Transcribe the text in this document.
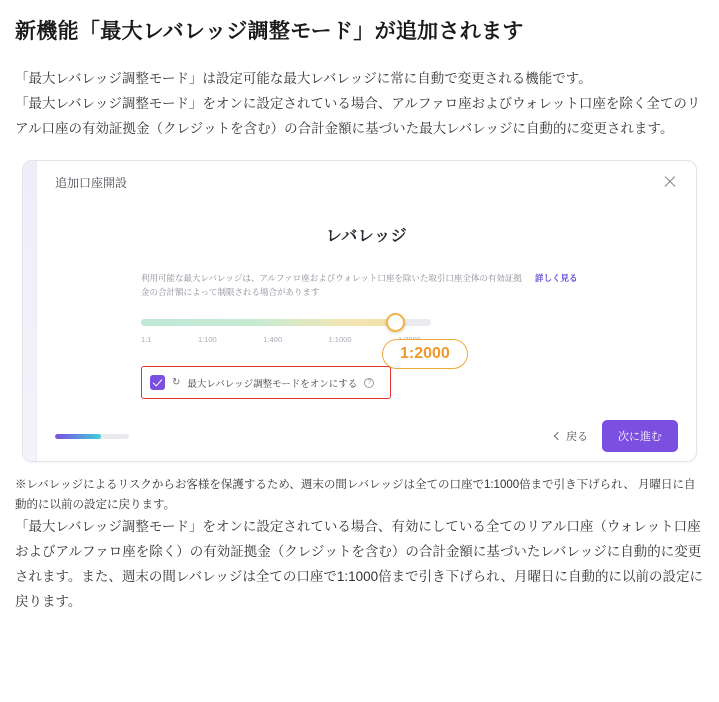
新機能「最大レバレッジ調整モード」が追加されます

「最大レバレッジ調整モード」は設定可能な最大レバレッジに常に自動で変更される機能です。

「最大レバレッジ調整モード」をオンに設定されている場合、アルファロ座およびウォレット口座を除く全てのリアル口座の有効証拠金（クレジットを含む）の合計金額に基づいた最大レバレッジに自動的に変更されます。

追加口座開設
レバレッジ
利用可能な最大レバレッジは、アルファロ座およびウォレット口座を除いた取引口座全体の有効証拠金の合計額によって制限される場合があります
詳しく見る
1:1	1:100	1:400	1:1000
1:2000
↻ 最大レバレッジ調整モードをオンにする	?
戻る	次に進む

※レバレッジによるリスクからお客様を保護するため、週末の間レバレッジは全ての口座で1:1000倍まで引き下げられ、 月曜日に自動的に以前の設定に戻ります。

「最大レバレッジ調整モード」をオンに設定されている場合、有効にしている全てのリアル口座（ウォレット口座およびアルファロ座を除く）の有効証拠金（クレジットを含む）の合計金額に基づいたレバレッジに自動的に変更されます。また、週末の間レバレッジは全ての口座で1:1000倍まで引き下げられ、月曜日に自動的に以前の設定に戻ります。
